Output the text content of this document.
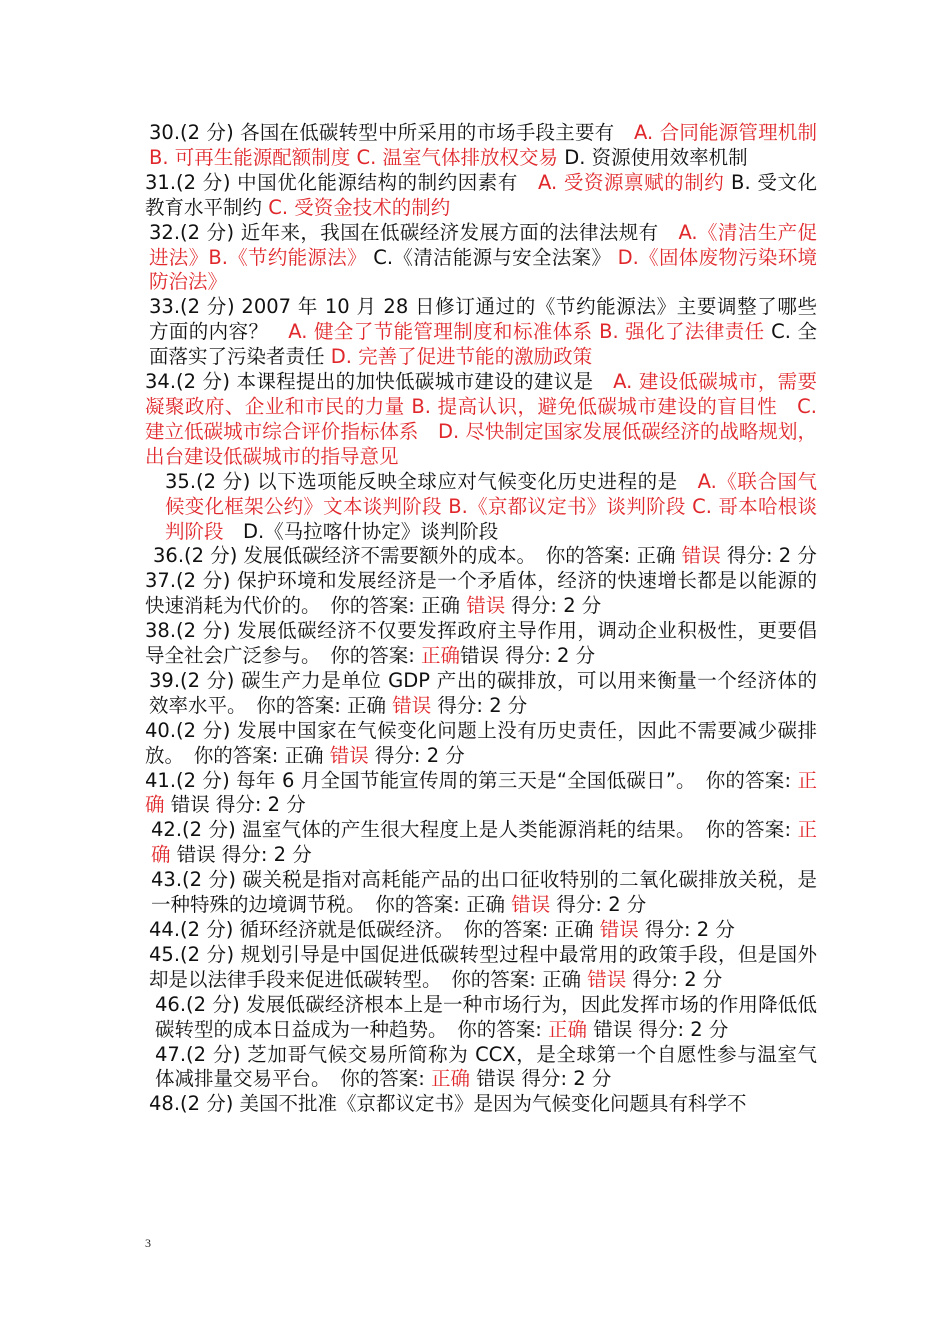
30.(2 分) 各国在低碳转型中所采用的市场手段主要有　A. 合同能源管理机制 B. 可再生能源配额制度 C. 温室气体排放权交易 D. 资源使用效率机制

31.(2 分) 中国优化能源结构的制约因素有　A. 受资源禀赋的制约 B. 受文化教育水平制约 C. 受资金技术的制约

32.(2 分) 近年来，我国在低碳经济发展方面的法律法规有　A.《清洁生产促进法》B.《节约能源法》 C.《清洁能源与安全法案》 D.《固体废物污染环境防治法》

33.(2 分) 2007 年 10 月 28 日修订通过的《节约能源法》主要调整了哪些方面的内容？　A. 健全了节能管理制度和标准体系 B. 强化了法律责任 C. 全面落实了污染者责任 D. 完善了促进节能的激励政策

34.(2 分) 本课程提出的加快低碳城市建设的建议是　A. 建设低碳城市，需要凝聚政府、企业和市民的力量 B. 提高认识，避免低碳城市建设的盲目性　C. 建立低碳城市综合评价指标体系　D. 尽快制定国家发展低碳经济的战略规划，出台建设低碳城市的指导意见

35.(2 分) 以下选项能反映全球应对气候变化历史进程的是　A.《联合国气候变化框架公约》文本谈判阶段 B.《京都议定书》谈判阶段 C. 哥本哈根谈判阶段　D.《马拉喀什协定》谈判阶段

36.(2 分) 发展低碳经济不需要额外的成本。　你的答案: 正确 错误 得分: 2 分

37.(2 分) 保护环境和发展经济是一个矛盾体，经济的快速增长都是以能源的快速消耗为代价的。　你的答案: 正确 错误 得分: 2 分

38.(2 分) 发展低碳经济不仅要发挥政府主导作用，调动企业积极性，更要倡导全社会广泛参与。　你的答案: 正确错误 得分: 2 分

39.(2 分) 碳生产力是单位 GDP 产出的碳排放，可以用来衡量一个经济体的效率水平。　你的答案: 正确 错误 得分: 2 分

40.(2 分) 发展中国家在气候变化问题上没有历史责任，因此不需要减少碳排放。　你的答案: 正确 错误 得分: 2 分

41.(2 分) 每年 6 月全国节能宣传周的第三天是“全国低碳日”。　你的答案: 正确 错误 得分: 2 分

42.(2 分) 温室气体的产生很大程度上是人类能源消耗的结果。　你的答案: 正确 错误 得分: 2 分

43.(2 分) 碳关税是指对高耗能产品的出口征收特别的二氧化碳排放关税，是一种特殊的边境调节税。　你的答案: 正确 错误 得分: 2 分

44.(2 分) 循环经济就是低碳经济。　你的答案: 正确 错误 得分: 2 分

45.(2 分) 规划引导是中国促进低碳转型过程中最常用的政策手段，但是国外却是以法律手段来促进低碳转型。　你的答案: 正确 错误 得分: 2 分

46.(2 分) 发展低碳经济根本上是一种市场行为，因此发挥市场的作用降低低碳转型的成本日益成为一种趋势。　你的答案: 正确 错误 得分: 2 分

47.(2 分) 芝加哥气候交易所简称为 CCX，是全球第一个自愿性参与温室气体减排量交易平台。　你的答案: 正确 错误 得分: 2 分

48.(2 分) 美国不批准《京都议定书》是因为气候变化问题具有科学不

3
